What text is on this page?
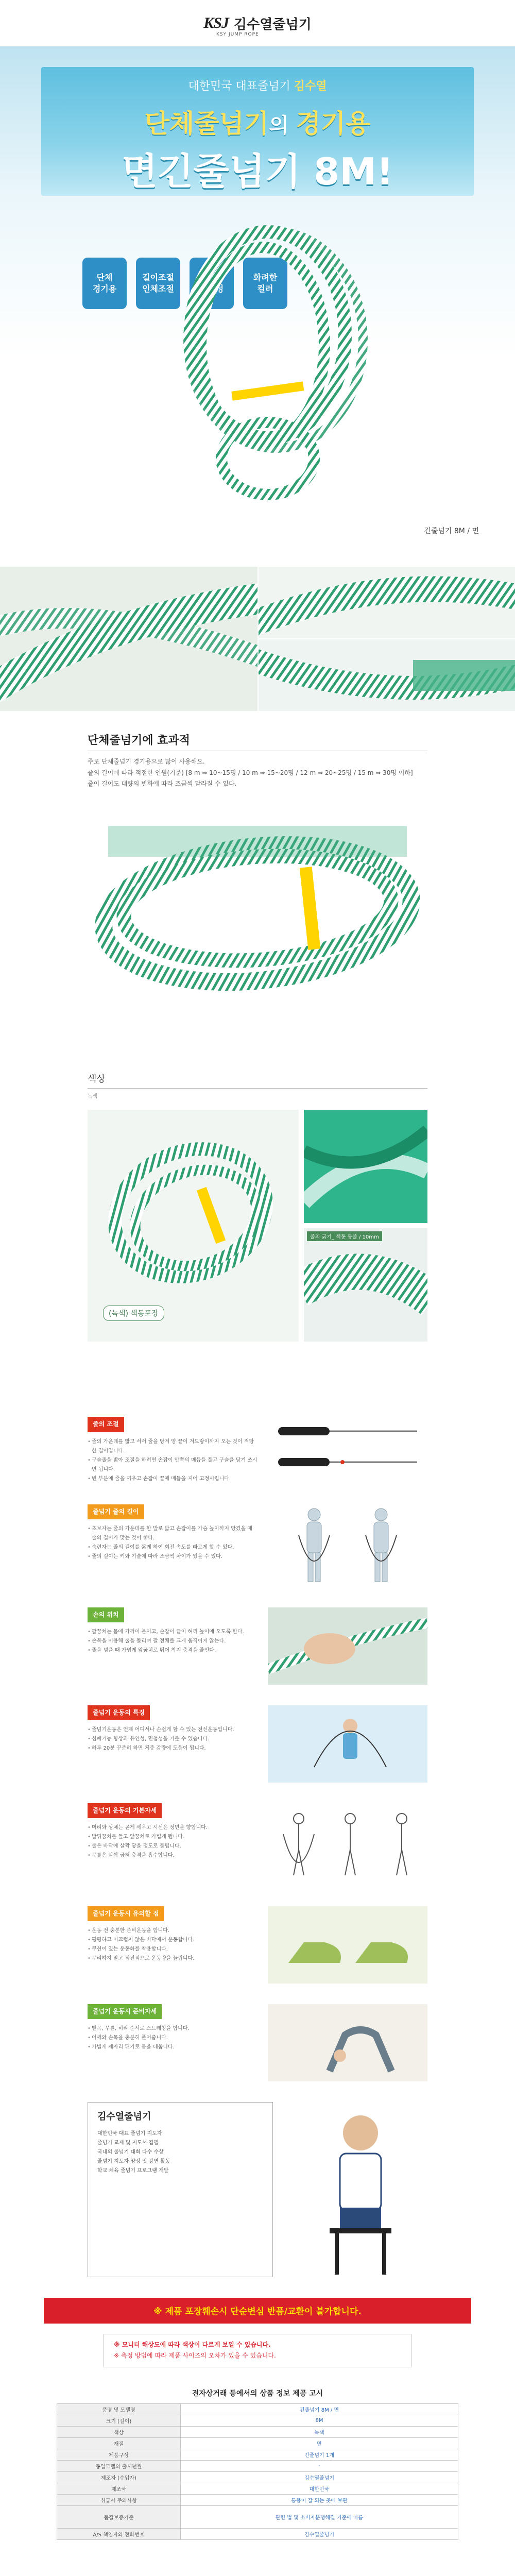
KSJ 김수열줄넘기
KSY JUMP ROPE
대한민국 대표줄넘기 김수열
단체줄넘기의 경기용
면긴줄넘기 8M!
단체
경기용
길이조절
인체조절
튼튼한
내구성
화려한
컬러
긴줄넘기 8M / 면
단체줄넘기에 효과적
주로 단체줄넘기 경기용으로 많이 사용해요.
줄의 길이에 따라 적절한 인원(기준) [8 m ⇒ 10~15명 / 10 m ⇒ 15~20명 / 12 m ⇒ 20~25명 / 15 m ⇒ 30명 이하]
줄이 길어도 대량의 변화에 따라 조금씩 달라질 수 있다.
색상
녹색
(녹색) 색동포장
줄의 굵기_ 색동 통줄 / 10mm
줄의 조절
• 줄의 가운데를 밟고 서서 줄을 당겨 양 끝이 겨드랑이까지 오는 것이 적당한 길이입니다.
• 구슬줄을 밟아 조절을 하려면 손잡이 안쪽의 매듭을 풀고 구슬을 당겨 쓰시면 됩니다.
• 빈 부분에 줄을 끼우고 손잡이 끝에 매듭을 지어 고정시킵니다.
줄넘기 줄의 길이
• 초보자는 줄의 가운데를 한 발로 밟고 손잡이를 가슴 높이까지 당겼을 때 줄의 길이가 맞는 것이 좋다.
• 숙련자는 줄의 길이를 짧게 하여 회전 속도를 빠르게 할 수 있다.
• 줄의 길이는 키와 기술에 따라 조금씩 차이가 있을 수 있다.
손의 위치
• 팔꿈치는 몸에 가까이 붙이고, 손잡이 끝이 허리 높이에 오도록 한다.
• 손목을 이용해 줄을 돌리며 팔 전체를 크게 움직이지 않는다.
• 줄을 넘을 때 가볍게 앞꿈치로 뛰어 착지 충격을 줄인다.
줄넘기 운동의 특징
• 줄넘기운동은 언제 어디서나 손쉽게 할 수 있는 전신운동입니다.
• 심폐기능 향상과 유연성, 민첩성을 기를 수 있습니다.
• 하루 20분 꾸준히 하면 체중 감량에 도움이 됩니다.
줄넘기 운동의 기본자세
• 머리와 상체는 곧게 세우고 시선은 정면을 향합니다.
• 발뒤꿈치를 들고 앞꿈치로 가볍게 뜁니다.
• 줄은 바닥에 살짝 닿을 정도로 돌립니다.
• 무릎은 살짝 굽혀 충격을 흡수합니다.
줄넘기 운동시 유의할 점
• 운동 전 충분한 준비운동을 합니다.
• 평평하고 미끄럽지 않은 바닥에서 운동합니다.
• 쿠션이 있는 운동화를 착용합니다.
• 무리하지 말고 점진적으로 운동량을 늘립니다.
줄넘기 운동시 준비자세
• 발목, 무릎, 허리 순서로 스트레칭을 합니다.
• 어깨와 손목을 충분히 풀어줍니다.
• 가볍게 제자리 뛰기로 몸을 데웁니다.
김수열줄넘기
대한민국 대표 줄넘기 지도자
줄넘기 교재 및 지도서 집필
국내외 줄넘기 대회 다수 수상
줄넘기 지도자 양성 및 강연 활동
학교 체육 줄넘기 프로그램 개발
※ 제품 포장훼손시 단순변심 반품/교환이 불가합니다.
※ 모니터 해상도에 따라 색상이 다르게 보일 수 있습니다.
※ 측정 방법에 따라 제품 사이즈의 오차가 있을 수 있습니다.
전자상거래 등에서의 상품 정보 제공 고시
품명 및 모델명	긴줄넘기 8M / 면
크기 (길이)	8M
색상	녹색
재질	면
제품구성	긴줄넘기 1개
동일모델의 출시년월	-
제조자 (수입자)	김수열줄넘기
제조국	대한민국
취급시 주의사항	통풍이 잘 되는 곳에 보관
품질보증기준	관련 법 및 소비자분쟁해결 기준에 따름
A/S 책임자와 전화번호	김수열줄넘기
